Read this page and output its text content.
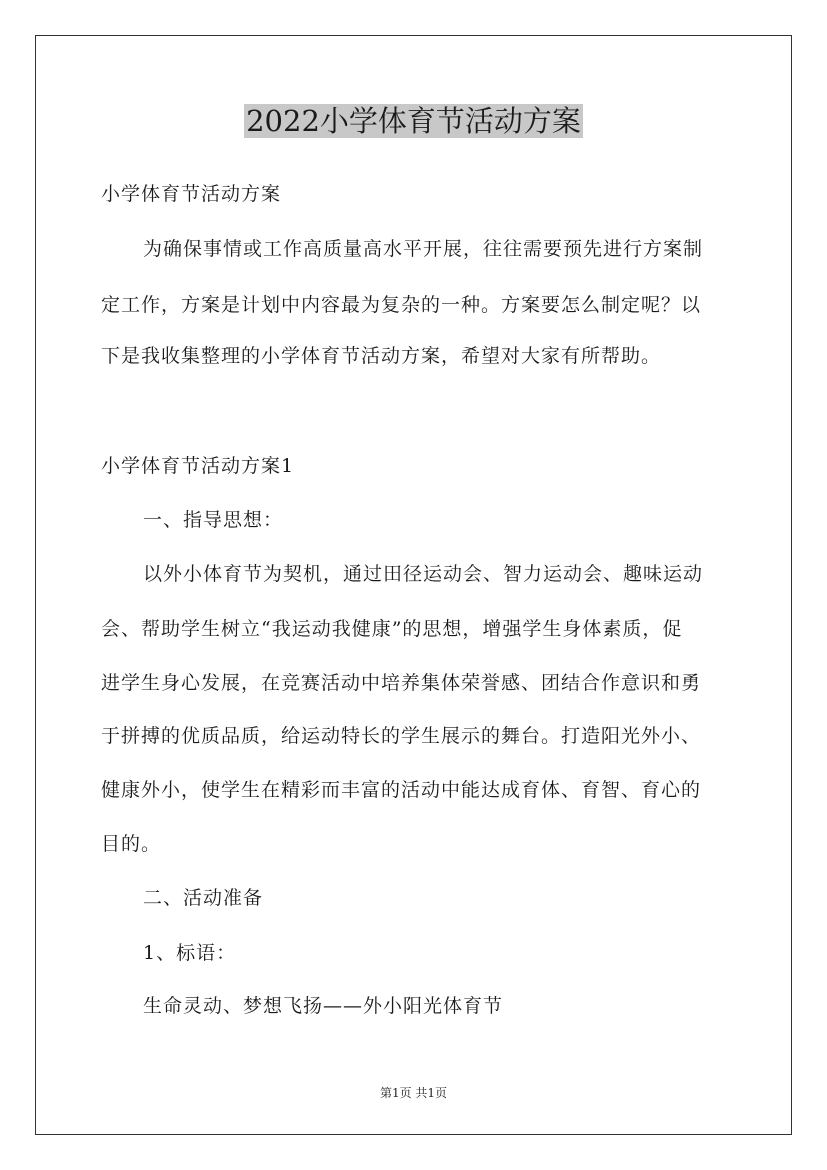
2022小学体育节活动方案
小学体育节活动方案
为确保事情或工作高质量高水平开展，往往需要预先进行方案制
定工作，方案是计划中内容最为复杂的一种。方案要怎么制定呢？以
下是我收集整理的小学体育节活动方案，希望对大家有所帮助。
小学体育节活动方案1
一、指导思想：
以外小体育节为契机，通过田径运动会、智力运动会、趣味运动
会、帮助学生树立“我运动我健康”的思想，增强学生身体素质，促
进学生身心发展，在竞赛活动中培养集体荣誉感、团结合作意识和勇
于拼搏的优质品质，给运动特长的学生展示的舞台。打造阳光外小、
健康外小，使学生在精彩而丰富的活动中能达成育体、育智、育心的
目的。
二、活动准备
1、标语：
生命灵动、梦想飞扬——外小阳光体育节
第1页 共1页
